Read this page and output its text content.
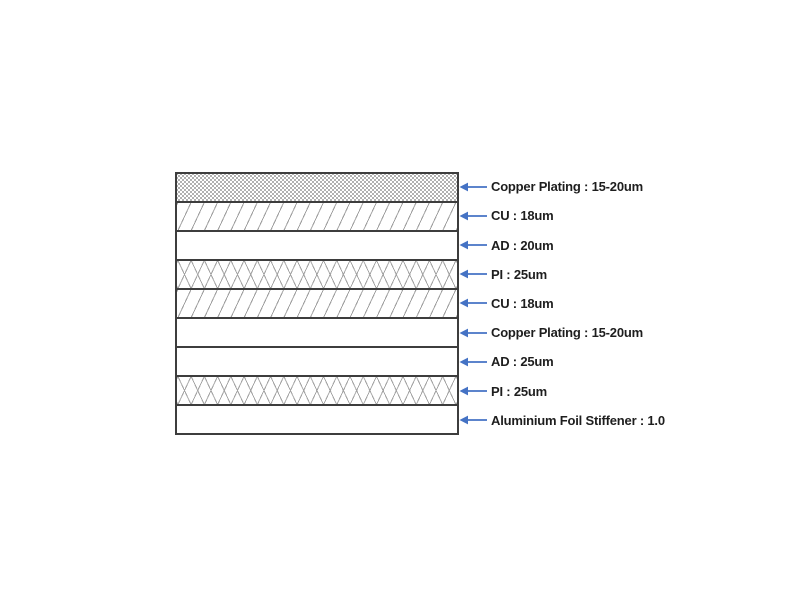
Copper Plating : 15-20um
CU : 18um
AD : 20um
PI : 25um
CU : 18um
Copper Plating : 15-20um
AD : 25um
PI : 25um
Aluminium Foil Stiffener : 1.0
